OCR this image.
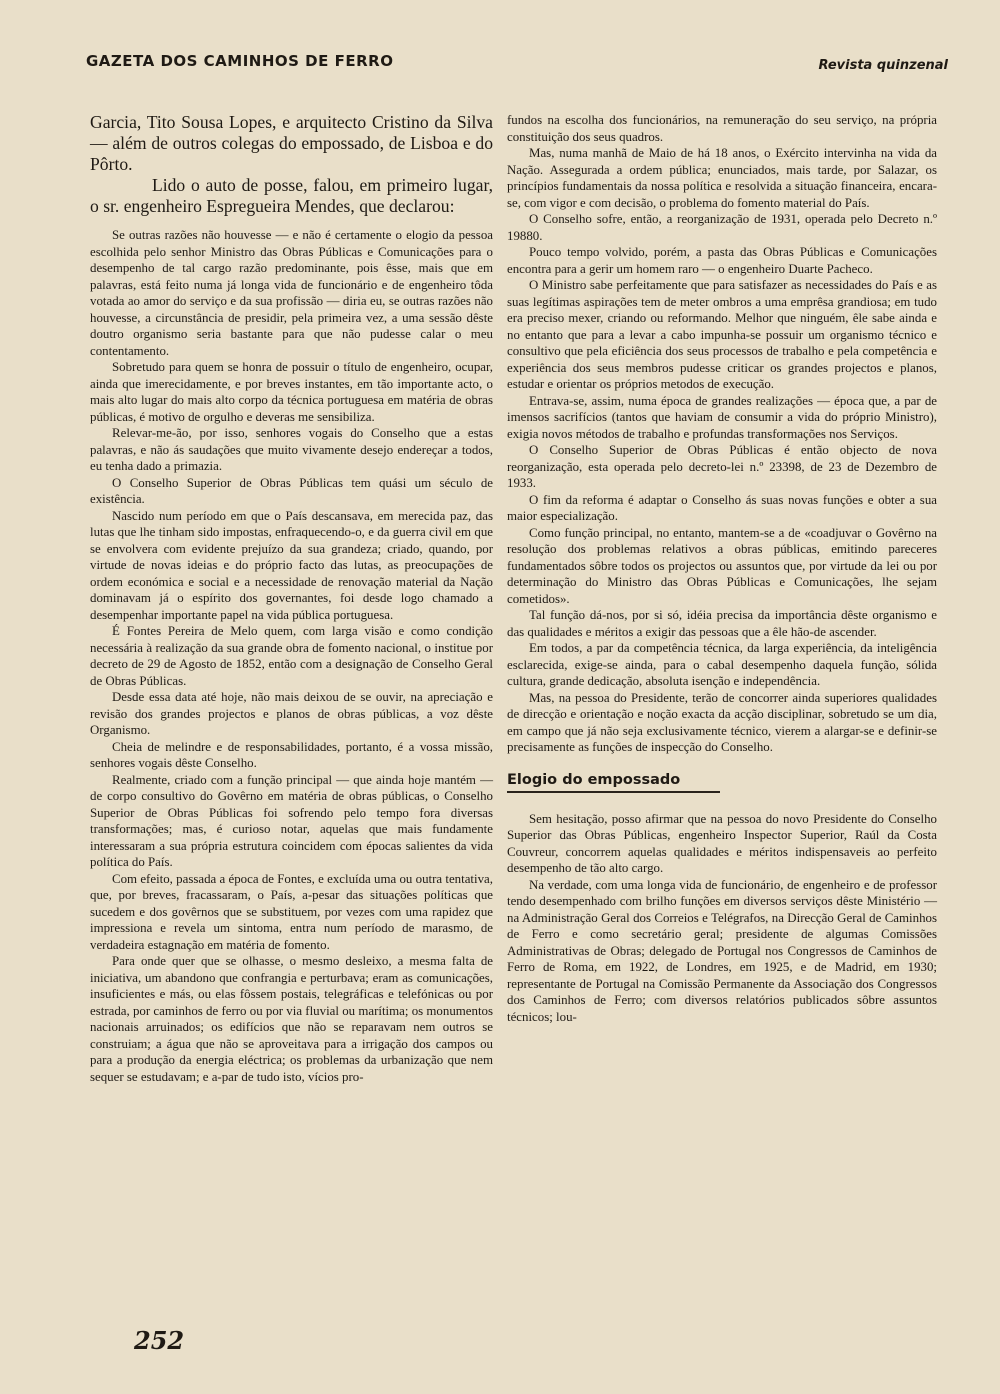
GAZETA DOS CAMINHOS DE FERRO	Revista quinzenal

Garcia, Tito Sousa Lopes, e arquitecto Cristino da Silva — além de outros colegas do empossado, de Lisboa e do Pôrto.

Lido o auto de posse, falou, em primeiro lugar, o sr. engenheiro Espregueira Mendes, que declarou:

Se outras razões não houvesse — e não é certamente o elogio da pessoa escolhida pelo senhor Ministro das Obras Públicas e Comunicações para o desempenho de tal cargo razão predominante, pois êsse, mais que em palavras, está feito numa já longa vida de funcionário e de engenheiro tôda votada ao amor do serviço e da sua profissão — diria eu, se outras razões não houvesse, a circunstância de presidir, pela primeira vez, a uma sessão dêste doutro organismo seria bastante para que não pudesse calar o meu contentamento.

Sobretudo para quem se honra de possuir o título de engenheiro, ocupar, ainda que imerecidamente, e por breves instantes, em tão importante acto, o mais alto lugar do mais alto corpo da técnica portuguesa em matéria de obras públicas, é motivo de orgulho e deveras me sensibiliza.

Relevar-me-ão, por isso, senhores vogais do Conselho que a estas palavras, e não ás saudações que muito vivamente desejo endereçar a todos, eu tenha dado a primazia.

O Conselho Superior de Obras Públicas tem quási um século de existência.

Nascido num período em que o País descansava, em merecida paz, das lutas que lhe tinham sido impostas, enfraquecendo-o, e da guerra civil em que se envolvera com evidente prejuízo da sua grandeza; criado, quando, por virtude de novas ideias e do próprio facto das lutas, as preocupações de ordem económica e social e a necessidade de renovação material da Nação dominavam já o espírito dos governantes, foi desde logo chamado a desempenhar importante papel na vida pública portuguesa.

É Fontes Pereira de Melo quem, com larga visão e como condição necessária à realização da sua grande obra de fomento nacional, o institue por decreto de 29 de Agosto de 1852, então com a designação de Conselho Geral de Obras Públicas.

Desde essa data até hoje, não mais deixou de se ouvir, na apreciação e revisão dos grandes projectos e planos de obras públicas, a voz dêste Organismo.

Cheia de melindre e de responsabilidades, portanto, é a vossa missão, senhores vogais dêste Conselho.

Realmente, criado com a função principal — que ainda hoje mantém — de corpo consultivo do Govêrno em matéria de obras públicas, o Conselho Superior de Obras Públicas foi sofrendo pelo tempo fora diversas transformações; mas, é curioso notar, aquelas que mais fundamente interessaram a sua própria estrutura coincidem com épocas salientes da vida política do País.

Com efeito, passada a época de Fontes, e excluída uma ou outra tentativa, que, por breves, fracassaram, o País, a-pesar das situações políticas que sucedem e dos govêrnos que se substituem, por vezes com uma rapidez que impressiona e revela um sintoma, entra num período de marasmo, de verdadeira estagnação em matéria de fomento.

Para onde quer que se olhasse, o mesmo desleixo, a mesma falta de iniciativa, um abandono que confrangia e perturbava; eram as comunicações, insuficientes e más, ou elas fôssem postais, telegráficas e telefónicas ou por estrada, por caminhos de ferro ou por via fluvial ou marítima; os monumentos nacionais arruinados; os edifícios que não se reparavam nem outros se construiam; a água que não se aproveitava para a irrigação dos campos ou para a produção da energia eléctrica; os problemas da urbanização que nem sequer se estudavam; e a-par de tudo isto, vícios pro-

fundos na escolha dos funcionários, na remuneração do seu serviço, na própria constituição dos seus quadros.

Mas, numa manhã de Maio de há 18 anos, o Exército intervinha na vida da Nação. Assegurada a ordem pública; enunciados, mais tarde, por Salazar, os princípios fundamentais da nossa política e resolvida a situação financeira, encara-se, com vigor e com decisão, o problema do fomento material do País.

O Conselho sofre, então, a reorganização de 1931, operada pelo Decreto n.º 19880.

Pouco tempo volvido, porém, a pasta das Obras Públicas e Comunicações encontra para a gerir um homem raro — o engenheiro Duarte Pacheco.

O Ministro sabe perfeitamente que para satisfazer as necessidades do País e as suas legítimas aspirações tem de meter ombros a uma emprêsa grandiosa; em tudo era preciso mexer, criando ou reformando. Melhor que ninguém, êle sabe ainda e no entanto que para a levar a cabo impunha-se possuir um organismo técnico e consultivo que pela eficiência dos seus processos de trabalho e pela competência e experiência dos seus membros pudesse criticar os grandes projectos e planos, estudar e orientar os próprios metodos de execução.

Entrava-se, assim, numa época de grandes realizações — época que, a par de imensos sacrifícios (tantos que haviam de consumir a vida do próprio Ministro), exigia novos métodos de trabalho e profundas transformações nos Serviços.

O Conselho Superior de Obras Públicas é então objecto de nova reorganização, esta operada pelo decreto-lei n.º 23398, de 23 de Dezembro de 1933.

O fim da reforma é adaptar o Conselho ás suas novas funções e obter a sua maior especialização.

Como função principal, no entanto, mantem-se a de «coadjuvar o Govêrno na resolução dos problemas relativos a obras públicas, emitindo pareceres fundamentados sôbre todos os projectos ou assuntos que, por virtude da lei ou por determinação do Ministro das Obras Públicas e Comunicações, lhe sejam cometidos».

Tal função dá-nos, por si só, idéia precisa da importância dêste organismo e das qualidades e méritos a exigir das pessoas que a êle hão-de ascender.

Em todos, a par da competência técnica, da larga experiência, da inteligência esclarecida, exige-se ainda, para o cabal desempenho daquela função, sólida cultura, grande dedicação, absoluta isenção e independência.

Mas, na pessoa do Presidente, terão de concorrer ainda superiores qualidades de direcção e orientação e noção exacta da acção disciplinar, sobretudo se um dia, em campo que já não seja exclusivamente técnico, vierem a alargar-se e definir-se precisamente as funções de inspecção do Conselho.

Elogio do empossado

Sem hesitação, posso afirmar que na pessoa do novo Presidente do Conselho Superior das Obras Públicas, engenheiro Inspector Superior, Raúl da Costa Couvreur, concorrem aquelas qualidades e méritos indispensaveis ao perfeito desempenho de tão alto cargo.

Na verdade, com uma longa vida de funcionário, de engenheiro e de professor tendo desempenhado com brilho funções em diversos serviços dêste Ministério — na Administração Geral dos Correios e Telégrafos, na Direcção Geral de Caminhos de Ferro e como secretário geral; presidente de algumas Comissões Administrativas de Obras; delegado de Portugal nos Congressos de Caminhos de Ferro de Roma, em 1922, de Londres, em 1925, e de Madrid, em 1930; representante de Portugal na Comissão Permanente da Associação dos Congressos dos Caminhos de Ferro; com diversos relatórios publicados sôbre assuntos técnicos; lou-

252
